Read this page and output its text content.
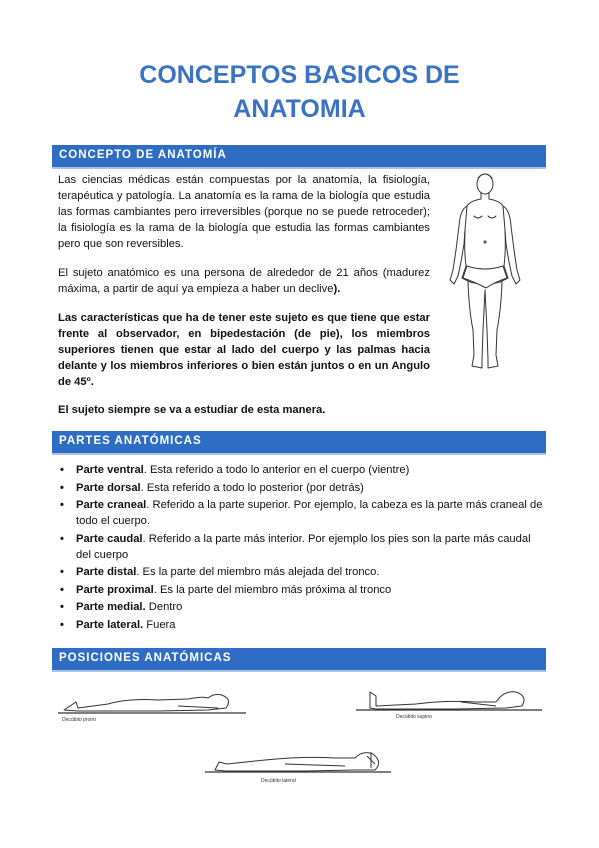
CONCEPTOS BASICOS DE
ANATOMIA
CONCEPTO DE ANATOMÍA
Las ciencias médicas están compuestas por la anatomía, la fisiología, terapéutica y patología. La anatomía es la rama de la biología que estudia las formas cambiantes pero irreversibles (porque no se puede retroceder); la fisiología es la rama de la biología que estudia las formas cambiantes pero que son reversibles.
El sujeto anatómico es una persona de alrededor de 21 años (madurez máxima, a partir de aquí ya empieza a haber un declive).
Las características que ha de tener este sujeto es que tiene que estar frente al observador, en bipedestación (de pie), los miembros superiores tienen que estar al lado del cuerpo y las palmas hacia delante y los miembros inferiores o bien están juntos o en un Angulo de 45º.
El sujeto siempre se va a estudiar de esta manera.
PARTES ANATÓMICAS
• Parte ventral. Esta referido a todo lo anterior en el cuerpo (vientre)
• Parte dorsal. Esta referido a todo lo posterior (por detrás)
• Parte craneal. Referido a la parte superior. Por ejemplo, la cabeza es la parte más craneal de todo el cuerpo.
• Parte caudal. Referido a la parte más interior. Por ejemplo los pies son la parte más caudal del cuerpo
• Parte distal. Es la parte del miembro más alejada del tronco.
• Parte proximal. Es la parte del miembro más próxima al tronco
• Parte medial. Dentro
• Parte lateral. Fuera
POSICIONES ANATÓMICAS
Decúbito prono	Decúbito supino
Decúbito lateral
